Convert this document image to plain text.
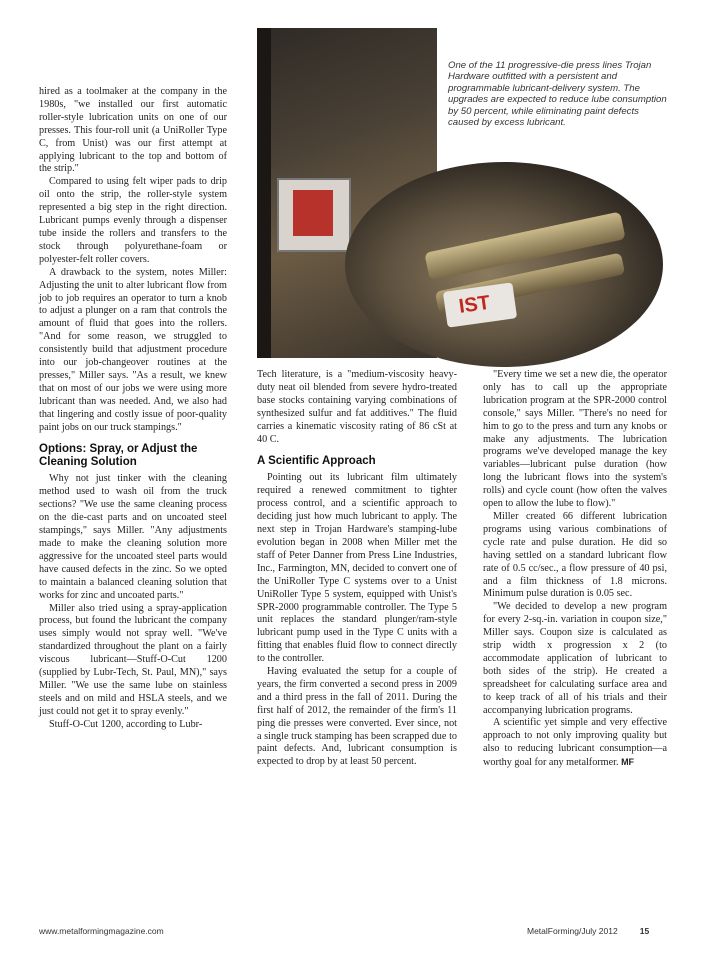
IST
One of the 11 progressive-die press lines Trojan Hardware outfitted with a persistent and programmable lubricant-delivery system. The upgrades are expected to reduce lube consumption by 50 percent, while eliminating paint defects caused by excess lubricant.

hired as a toolmaker at the company in the 1980s, "we installed our first automatic roller-style lubrication units on one of our presses. This four-roll unit (a UniRoller Type C, from Unist) was our first attempt at applying lubricant to the top and bottom of the strip."

Compared to using felt wiper pads to drip oil onto the strip, the roller-style system represented a big step in the right direction. Lubricant pumps evenly through a dispenser tube inside the rollers and transfers to the stock through polyurethane-foam or polyester-felt roller covers.

A drawback to the system, notes Miller: Adjusting the unit to alter lubricant flow from job to job requires an operator to turn a knob to adjust a plunger on a ram that controls the amount of fluid that goes into the rollers. "And for some reason, we struggled to consistently build that adjustment procedure into our job-changeover routines at the presses," Miller says. "As a result, we knew that on most of our jobs we were using more lubricant than was needed. And, we also had that lingering and costly issue of poor-quality paint jobs on our truck stampings."

Options: Spray, or Adjust the Cleaning Solution

Why not just tinker with the cleaning method used to wash oil from the truck sections? "We use the same cleaning process on the die-cast parts and on uncoated steel stampings," says Miller. "Any adjustments made to make the cleaning solution more aggressive for the uncoated steel parts would have caused defects in the zinc. So we opted to maintain a balanced cleaning solution that works for zinc and uncoated parts."

Miller also tried using a spray-application process, but found the lubricant the company uses simply would not spray well. "We've standardized throughout the plant on a fairly viscous lubricant—Stuff-O-Cut 1200 (supplied by Lubr-Tech, St. Paul, MN)," says Miller. "We use the same lube on stainless steels and on mild and HSLA steels, and we just could not get it to spray evenly."

Stuff-O-Cut 1200, according to Lubr-

Tech literature, is a "medium-viscosity heavy-duty neat oil blended from severe hydro-treated base stocks containing varying combinations of synthesized sulfur and fat additives." The fluid carries a kinematic viscosity rating of 86 cSt at 40 C.

A Scientific Approach

Pointing out its lubricant film ultimately required a renewed commitment to tighter process control, and a scientific approach to deciding just how much lubricant to apply. The next step in Trojan Hardware's stamping-lube evolution began in 2008 when Miller met the staff of Peter Danner from Press Line Industries, Inc., Farmington, MN, decided to convert one of the UniRoller Type C systems over to a Unist UniRoller Type 5 system, equipped with Unist's SPR-2000 programmable controller. The Type 5 unit replaces the standard plunger/ram-style lubricant pump used in the Type C units with a fitting that enables fluid flow to connect directly to the controller.

Having evaluated the setup for a couple of years, the firm converted a second press in 2009 and a third press in the fall of 2011. During the first half of 2012, the remainder of the firm's 11 ping die presses were converted. Ever since, not a single truck stamping has been scrapped due to paint defects. And, lubricant consumption is expected to drop by at least 50 percent.

"Every time we set a new die, the operator only has to call up the appropriate lubrication program at the SPR-2000 control console," says Miller. "There's no need for him to go to the press and turn any knobs or make any adjustments. The lubrication programs we've developed manage the key variables—lubricant pulse duration (how long the lubricant flows into the system's rolls) and cycle count (how often the valves open to allow the lube to flow)."

Miller created 66 different lubrication programs using various combinations of cycle rate and pulse duration. He did so having settled on a standard lubricant flow rate of 0.5 cc/sec., a flow pressure of 40 psi, and a film thickness of 1.8 microns. Minimum pulse duration is 0.05 sec.

"We decided to develop a new program for every 2-sq.-in. variation in coupon size," Miller says. Coupon size is calculated as strip width x progression x 2 (to accommodate application of lubricant to both sides of the strip). He created a spreadsheet for calculating surface area and to keep track of all of his trials and their accompanying lubrication programs.

A scientific yet simple and very effective approach to not only improving quality but also to reducing lubricant consumption—a worthy goal for any metalformer. MF

www.metalformingmagazine.com	MetalForming/July 2012	15
